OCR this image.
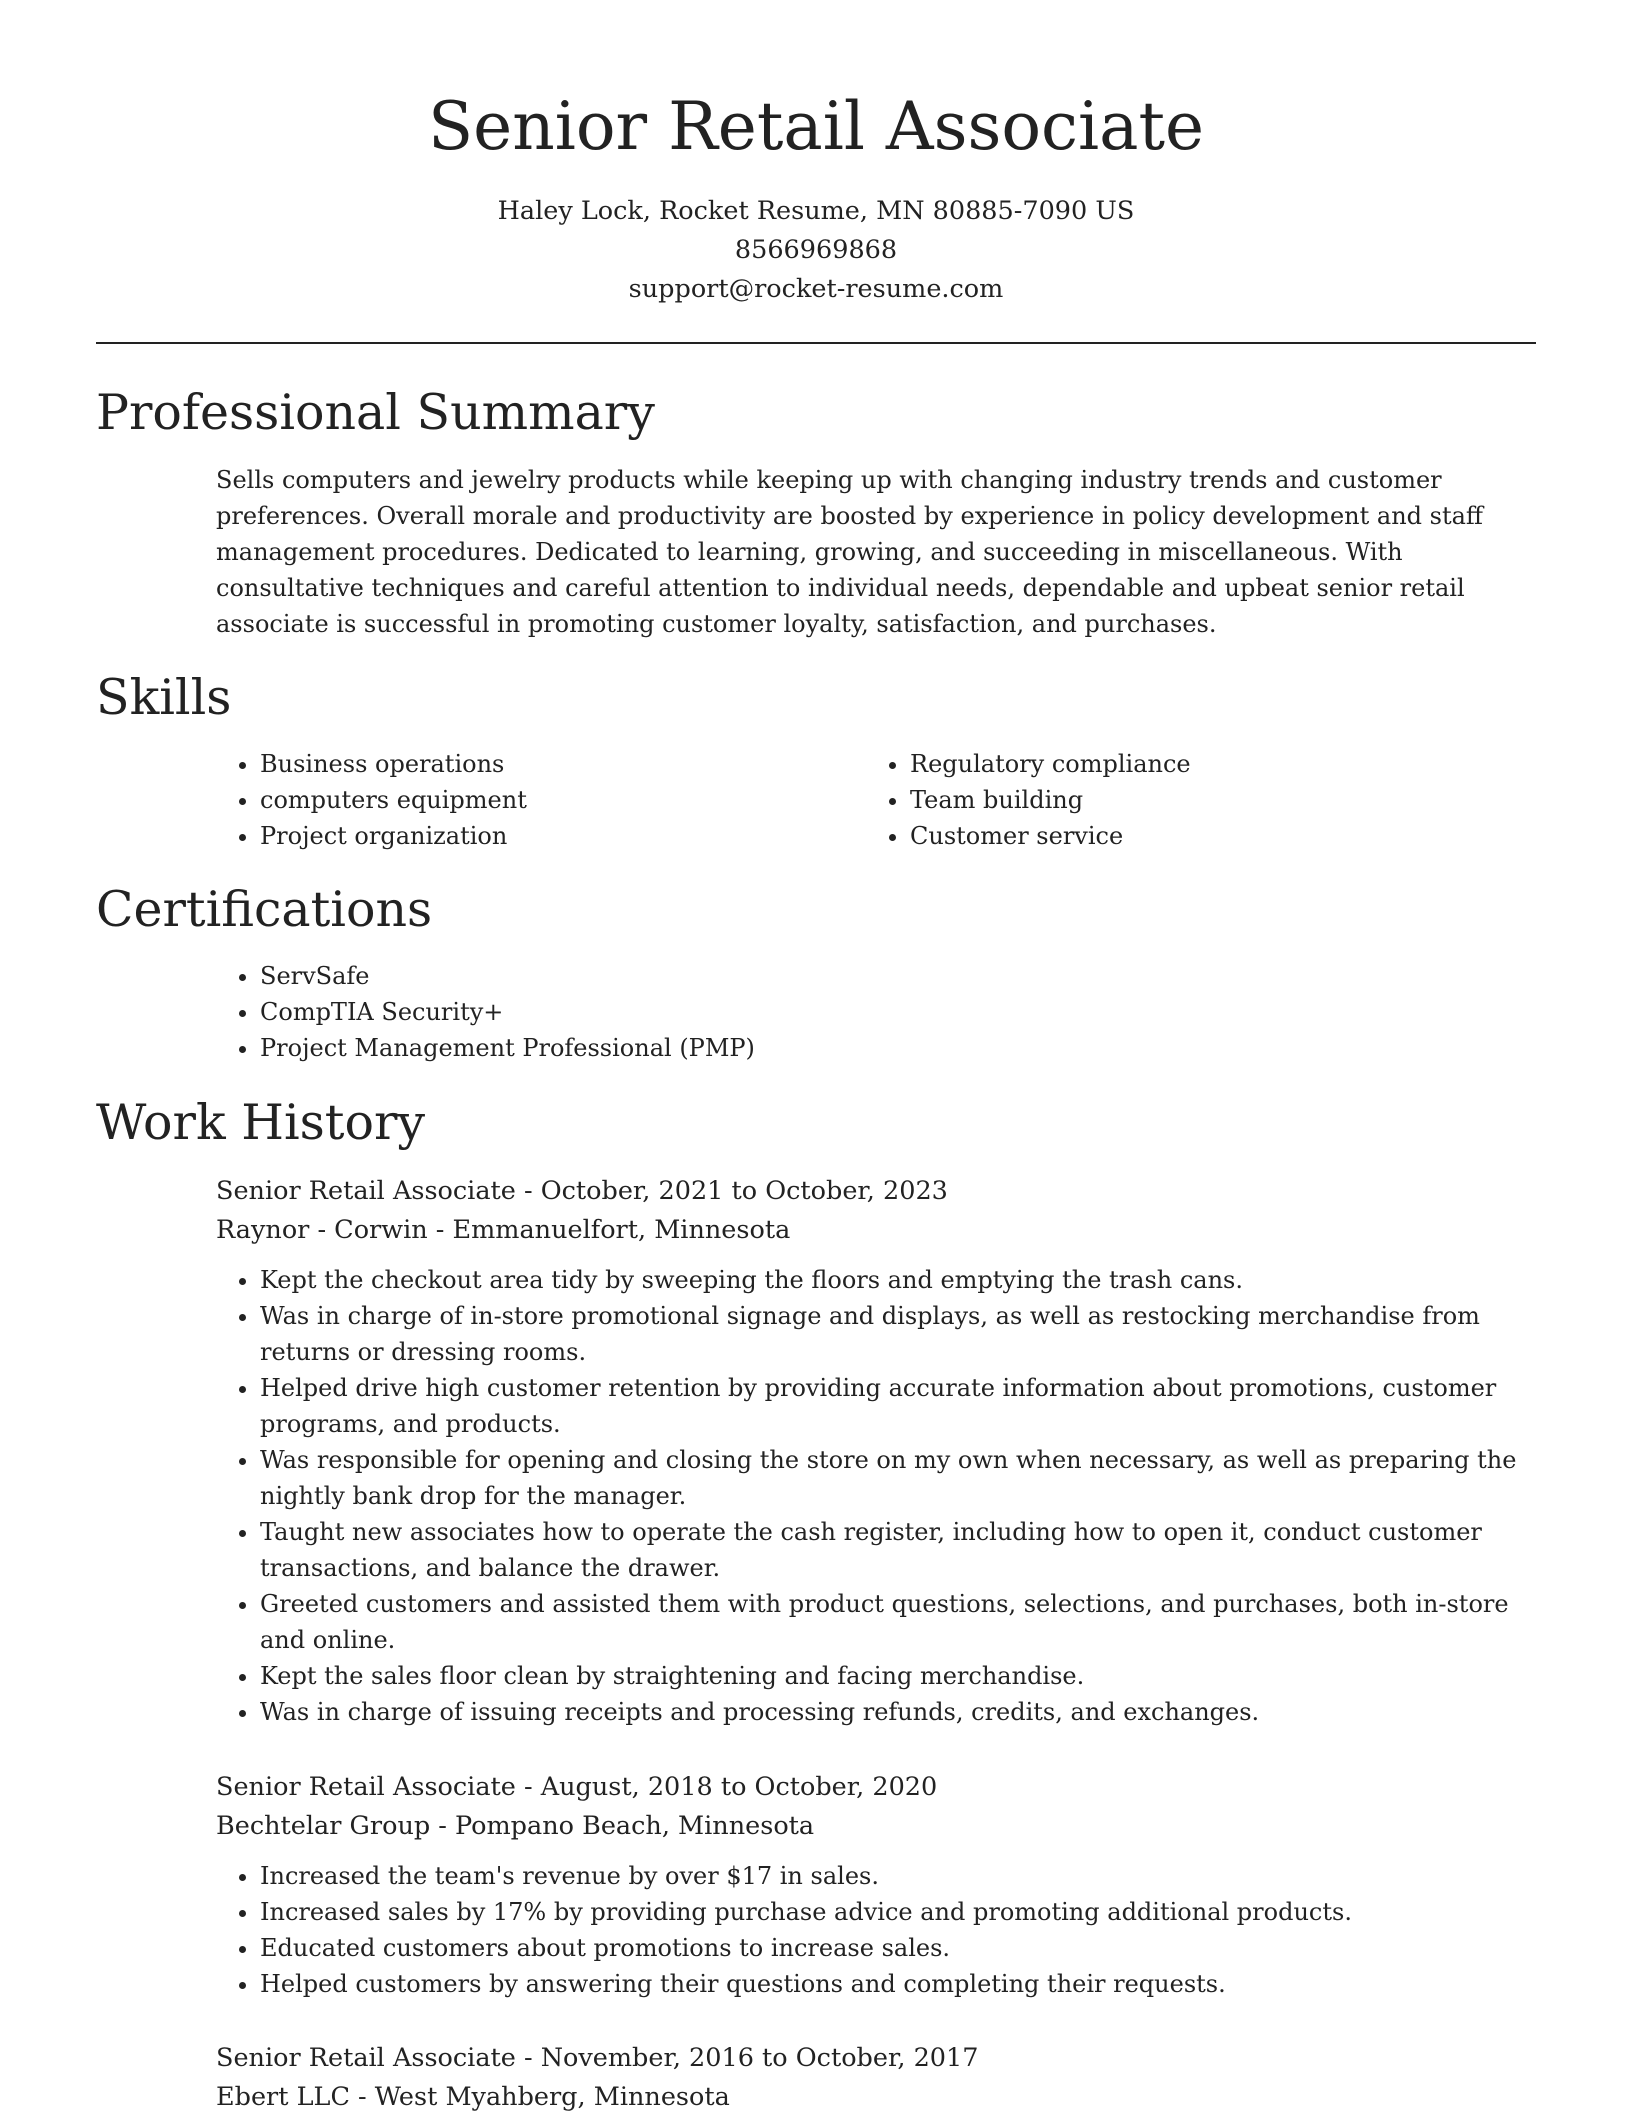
Senior Retail Associate
Haley Lock, Rocket Resume, MN 80885-7090 US
8566969868
support@rocket-resume.com
Professional Summary
Sells computers and jewelry products while keeping up with changing industry trends and customer preferences. Overall morale and productivity are boosted by experience in policy development and staff management procedures. Dedicated to learning, growing, and succeeding in miscellaneous. With consultative techniques and careful attention to individual needs, dependable and upbeat senior retail associate is successful in promoting customer loyalty, satisfaction, and purchases.
Skills
• Business operations
• computers equipment
• Project organization
• Regulatory compliance
• Team building
• Customer service
Certifications
• ServSafe
• CompTIA Security+
• Project Management Professional (PMP)
Work History
Senior Retail Associate - October, 2021 to October, 2023
Raynor - Corwin - Emmanuelfort, Minnesota
• Kept the checkout area tidy by sweeping the floors and emptying the trash cans.
• Was in charge of in-store promotional signage and displays, as well as restocking merchandise from returns or dressing rooms.
• Helped drive high customer retention by providing accurate information about promotions, customer programs, and products.
• Was responsible for opening and closing the store on my own when necessary, as well as preparing the nightly bank drop for the manager.
• Taught new associates how to operate the cash register, including how to open it, conduct customer transactions, and balance the drawer.
• Greeted customers and assisted them with product questions, selections, and purchases, both in-store and online.
• Kept the sales floor clean by straightening and facing merchandise.
• Was in charge of issuing receipts and processing refunds, credits, and exchanges.
Senior Retail Associate - August, 2018 to October, 2020
Bechtelar Group - Pompano Beach, Minnesota
• Increased the team's revenue by over $17 in sales.
• Increased sales by 17% by providing purchase advice and promoting additional products.
• Educated customers about promotions to increase sales.
• Helped customers by answering their questions and completing their requests.
Senior Retail Associate - November, 2016 to October, 2017
Ebert LLC - West Myahberg, Minnesota
